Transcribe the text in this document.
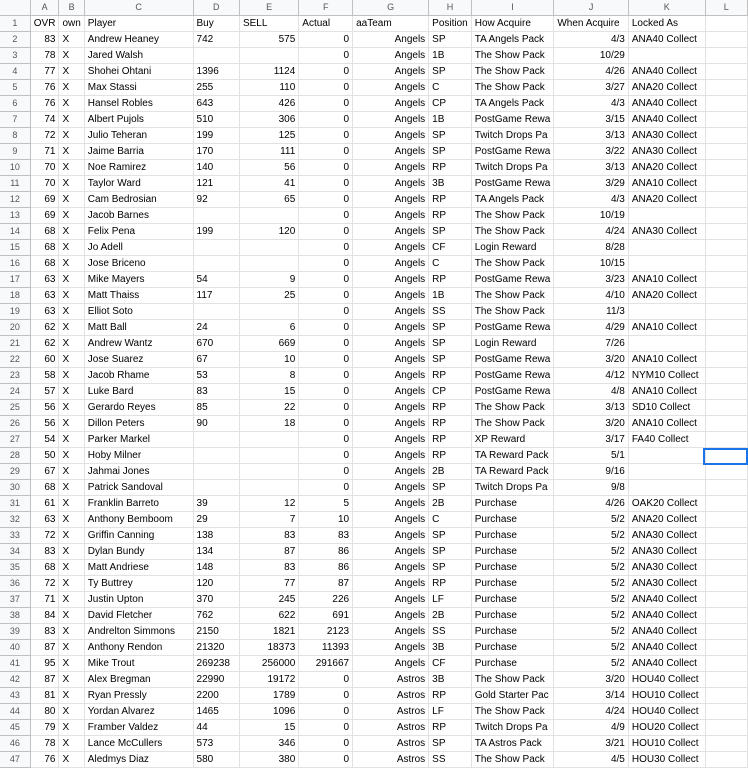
	A	B	C	D	E	F	G	H	I	J	K	L
1	OVR	own	Player	Buy	SELL	Actual	aaTeam	Position	How Acquire	When Acquire	Locked As	
2	83	X	Andrew Heaney	742	575	0	Angels	SP	TA Angels Pack	4/3	ANA40 Collect	
3	78	X	Jared Walsh			0	Angels	1B	The Show Pack	10/29		
4	77	X	Shohei Ohtani	1396	1124	0	Angels	SP	The Show Pack	4/26	ANA40 Collect	
5	76	X	Max Stassi	255	110	0	Angels	C	The Show Pack	3/27	ANA20 Collect	
6	76	X	Hansel Robles	643	426	0	Angels	CP	TA Angels Pack	4/3	ANA40 Collect	
7	74	X	Albert Pujols	510	306	0	Angels	1B	PostGame Rewa	3/15	ANA40 Collect	
8	72	X	Julio Teheran	199	125	0	Angels	SP	Twitch Drops Pa	3/13	ANA30 Collect	
9	71	X	Jaime Barria	170	111	0	Angels	SP	PostGame Rewa	3/22	ANA30 Collect	
10	70	X	Noe Ramirez	140	56	0	Angels	RP	Twitch Drops Pa	3/13	ANA20 Collect	
11	70	X	Taylor Ward	121	41	0	Angels	3B	PostGame Rewa	3/29	ANA10 Collect	
12	69	X	Cam Bedrosian	92	65	0	Angels	RP	TA Angels Pack	4/3	ANA20 Collect	
13	69	X	Jacob Barnes			0	Angels	RP	The Show Pack	10/19		
14	68	X	Felix Pena	199	120	0	Angels	SP	The Show Pack	4/24	ANA30 Collect	
15	68	X	Jo Adell			0	Angels	CF	Login Reward	8/28		
16	68	X	Jose Briceno			0	Angels	C	The Show Pack	10/15		
17	63	X	Mike Mayers	54	9	0	Angels	RP	PostGame Rewa	3/23	ANA10 Collect	
18	63	X	Matt Thaiss	117	25	0	Angels	1B	The Show Pack	4/10	ANA20 Collect	
19	63	X	Elliot Soto			0	Angels	SS	The Show Pack	11/3		
20	62	X	Matt Ball	24	6	0	Angels	SP	PostGame Rewa	4/29	ANA10 Collect	
21	62	X	Andrew Wantz	670	669	0	Angels	SP	Login Reward	7/26		
22	60	X	Jose Suarez	67	10	0	Angels	SP	PostGame Rewa	3/20	ANA10 Collect	
23	58	X	Jacob Rhame	53	8	0	Angels	RP	PostGame Rewa	4/12	NYM10 Collect	
24	57	X	Luke Bard	83	15	0	Angels	CP	PostGame Rewa	4/8	ANA10 Collect	
25	56	X	Gerardo Reyes	85	22	0	Angels	RP	The Show Pack	3/13	SD10 Collect	
26	56	X	Dillon Peters	90	18	0	Angels	RP	The Show Pack	3/20	ANA10 Collect	
27	54	X	Parker Markel			0	Angels	RP	XP Reward	3/17	FA40 Collect	
28	50	X	Hoby Milner			0	Angels	RP	TA Reward Pack	5/1		
29	67	X	Jahmai Jones			0	Angels	2B	TA Reward Pack	9/16		
30	68	X	Patrick Sandoval			0	Angels	SP	Twitch Drops Pa	9/8		
31	61	X	Franklin Barreto	39	12	5	Angels	2B	Purchase	4/26	OAK20 Collect	
32	63	X	Anthony Bemboom	29	7	10	Angels	C	Purchase	5/2	ANA20 Collect	
33	72	X	Griffin Canning	138	83	83	Angels	SP	Purchase	5/2	ANA30 Collect	
34	83	X	Dylan Bundy	134	87	86	Angels	SP	Purchase	5/2	ANA30 Collect	
35	68	X	Matt Andriese	148	83	86	Angels	SP	Purchase	5/2	ANA30 Collect	
36	72	X	Ty Buttrey	120	77	87	Angels	RP	Purchase	5/2	ANA30 Collect	
37	71	X	Justin Upton	370	245	226	Angels	LF	Purchase	5/2	ANA40 Collect	
38	84	X	David Fletcher	762	622	691	Angels	2B	Purchase	5/2	ANA40 Collect	
39	83	X	Andrelton Simmons	2150	1821	2123	Angels	SS	Purchase	5/2	ANA40 Collect	
40	87	X	Anthony Rendon	21320	18373	11393	Angels	3B	Purchase	5/2	ANA40 Collect	
41	95	X	Mike Trout	269238	256000	291667	Angels	CF	Purchase	5/2	ANA40 Collect	
42	87	X	Alex Bregman	22990	19172	0	Astros	3B	The Show Pack	3/20	HOU40 Collect	
43	81	X	Ryan Pressly	2200	1789	0	Astros	RP	Gold Starter Pac	3/14	HOU10 Collect	
44	80	X	Yordan Alvarez	1465	1096	0	Astros	LF	The Show Pack	4/24	HOU40 Collect	
45	79	X	Framber Valdez	44	15	0	Astros	RP	Twitch Drops Pa	4/9	HOU20 Collect	
46	78	X	Lance McCullers	573	346	0	Astros	SP	TA Astros Pack	3/21	HOU10 Collect	
47	76	X	Aledmys Diaz	580	380	0	Astros	SS	The Show Pack	4/5	HOU30 Collect	
